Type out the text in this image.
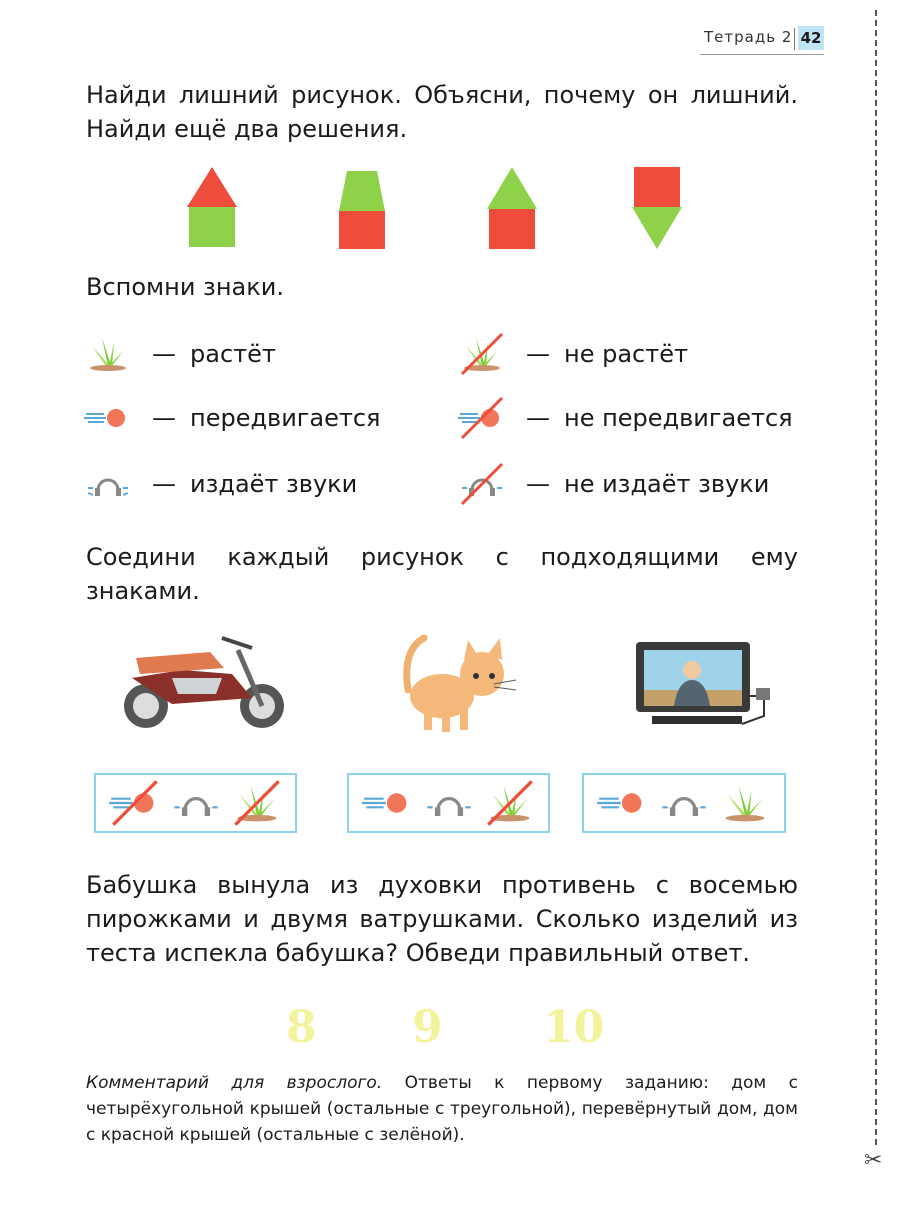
Тетрадь 2 42
✂
Найди лишний рисунок. Объясни, почему он лишний. Найди ещё два решения.
Вспомни знаки.
— растёт	— не растёт
— передвигается	— не передвигается
— издаёт звуки	— не издаёт звуки
Соедини каждый рисунок с подходящими ему знаками.
Бабушка вынула из духовки противень с восемью пирожками и двумя ватрушками. Сколько изделий из теста испекла бабушка? Обведи правильный ответ.
8 9 10
Комментарий для взрослого. Ответы к первому заданию: дом с четырёхугольной крышей (остальные с треугольной), перевёрнутый дом, дом с красной крышей (остальные с зелёной).
